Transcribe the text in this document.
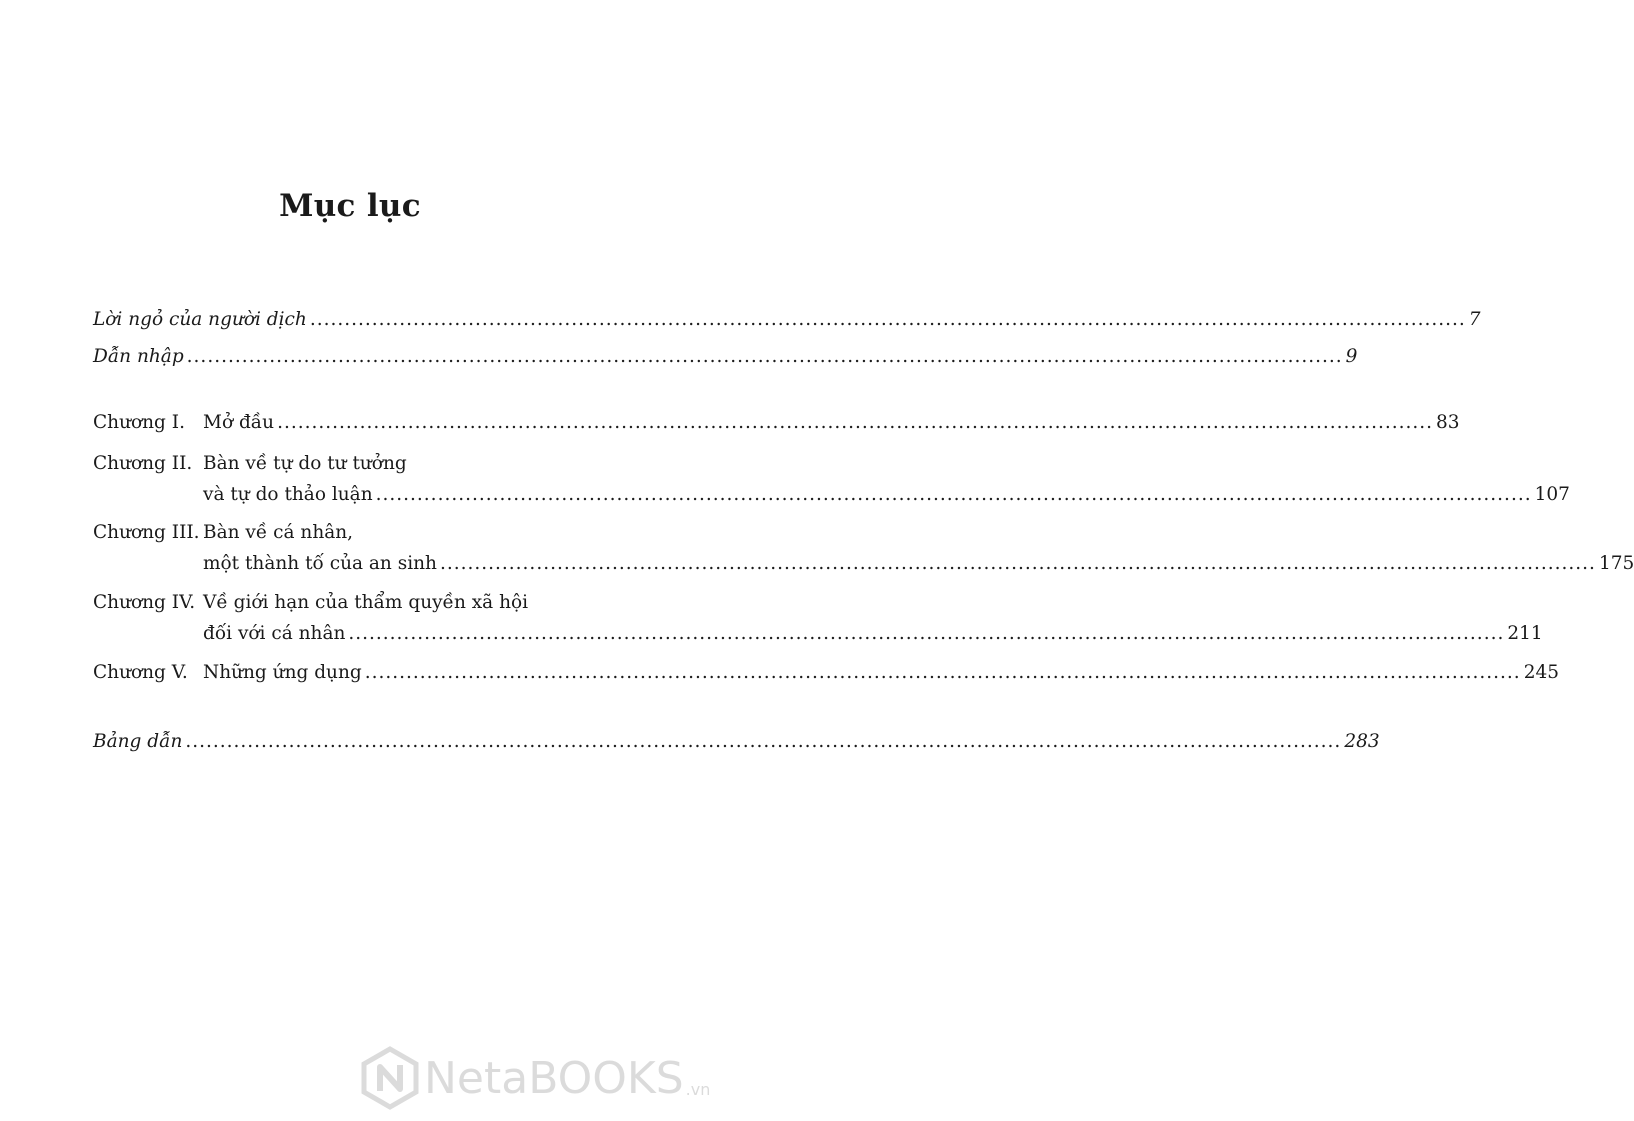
Mục lục
Lời ngỏ của người dịch .....	7
Dẫn nhập .....	9
Chương I. Mở đầu .....	83
Chương II. Bàn về tự do tư tưởng
và tự do thảo luận .....	107
Chương III. Bàn về cá nhân,
một thành tố của an sinh .....	175
Chương IV. Về giới hạn của thẩm quyền xã hội
đối với cá nhân .....	211
Chương V. Những ứng dụng .....	245
Bảng dẫn .....	283
NetaBOOKS .vn
